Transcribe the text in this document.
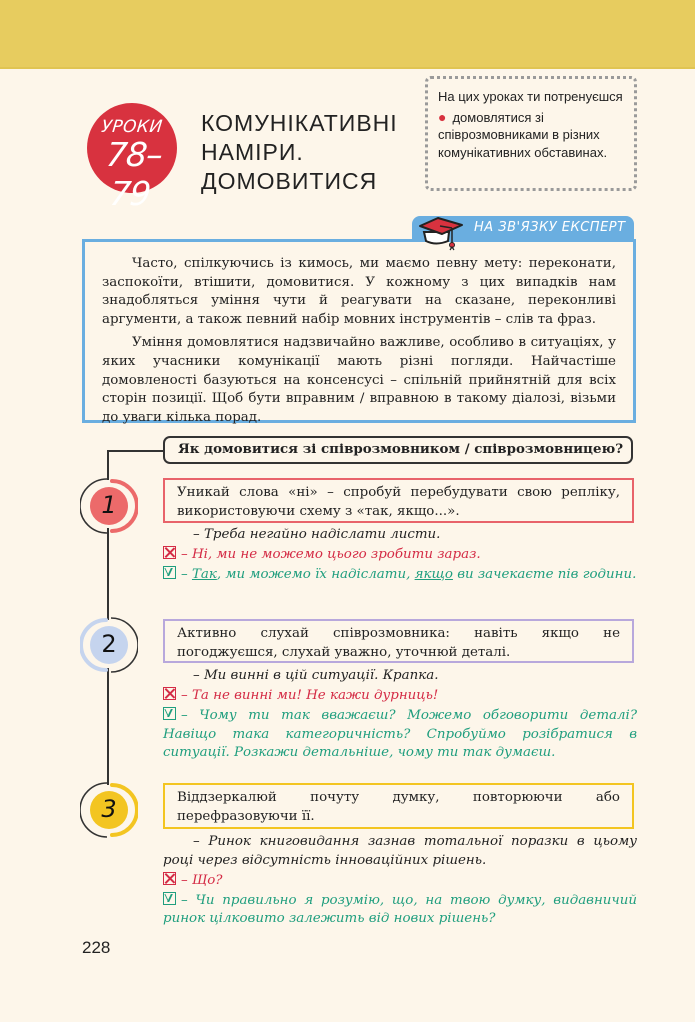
УРОКИ
78–79
КОМУНІКАТИВНІ
НАМІРИ.
ДОМОВИТИСЯ
На цих уроках ти потренуєшся
● домовлятися зі співрозмовниками в різних комунікативних обставинах.

Часто, спілкуючись із кимось, ми маємо певну мету: переконати, заспокоїти, втішити, домовитися. У кожному з цих випадків нам знадобляться уміння чути й реагувати на сказане, переконливі аргументи, а також певний набір мовних інструментів – слів та фраз.

Уміння домовлятися надзвичайно важливе, особливо в ситуаціях, у яких учасники комунікації мають різні погляди. Найчастіше домовленості базуються на консенсусі – спільній прийнятній для всіх сторін позиції. Щоб бути вправним / вправною в такому діалозі, візьми до уваги кілька порад.

НА ЗВ'ЯЗКУ ЕКСПЕРТ
Як домовитися зі співрозмовником / співрозмовницею?
1	Уникай слова «ні» – спробуй перебудувати свою репліку, використовуючи схему з «так, якщо...».
– Треба негайно надіслати листи.
– Ні, ми не можемо цього зробити зараз.
– Так, ми можемо їх надіслати, якщо ви зачекаєте пів години.
2	Активно слухай співрозмовника: навіть якщо не погоджуєшся, слухай уважно, уточнюй деталі.
– Ми винні в цій ситуації. Крапка.
– Та не винні ми! Не кажи дурниць!
– Чому ти так вважаєш? Можемо обговорити деталі? Навіщо така категоричність? Спробуймо розібратися в ситуації. Розкажи детальніше, чому ти так думаєш.
3	Віддзеркалюй почуту думку, повторюючи або перефразовуючи її.
– Ринок книговидання зазнав тотальної поразки в цьому році через відсутність інноваційних рішень.
– Що?
– Чи правильно я розумію, що, на твою думку, видавничий ринок цілковито залежить від нових рішень?
228
